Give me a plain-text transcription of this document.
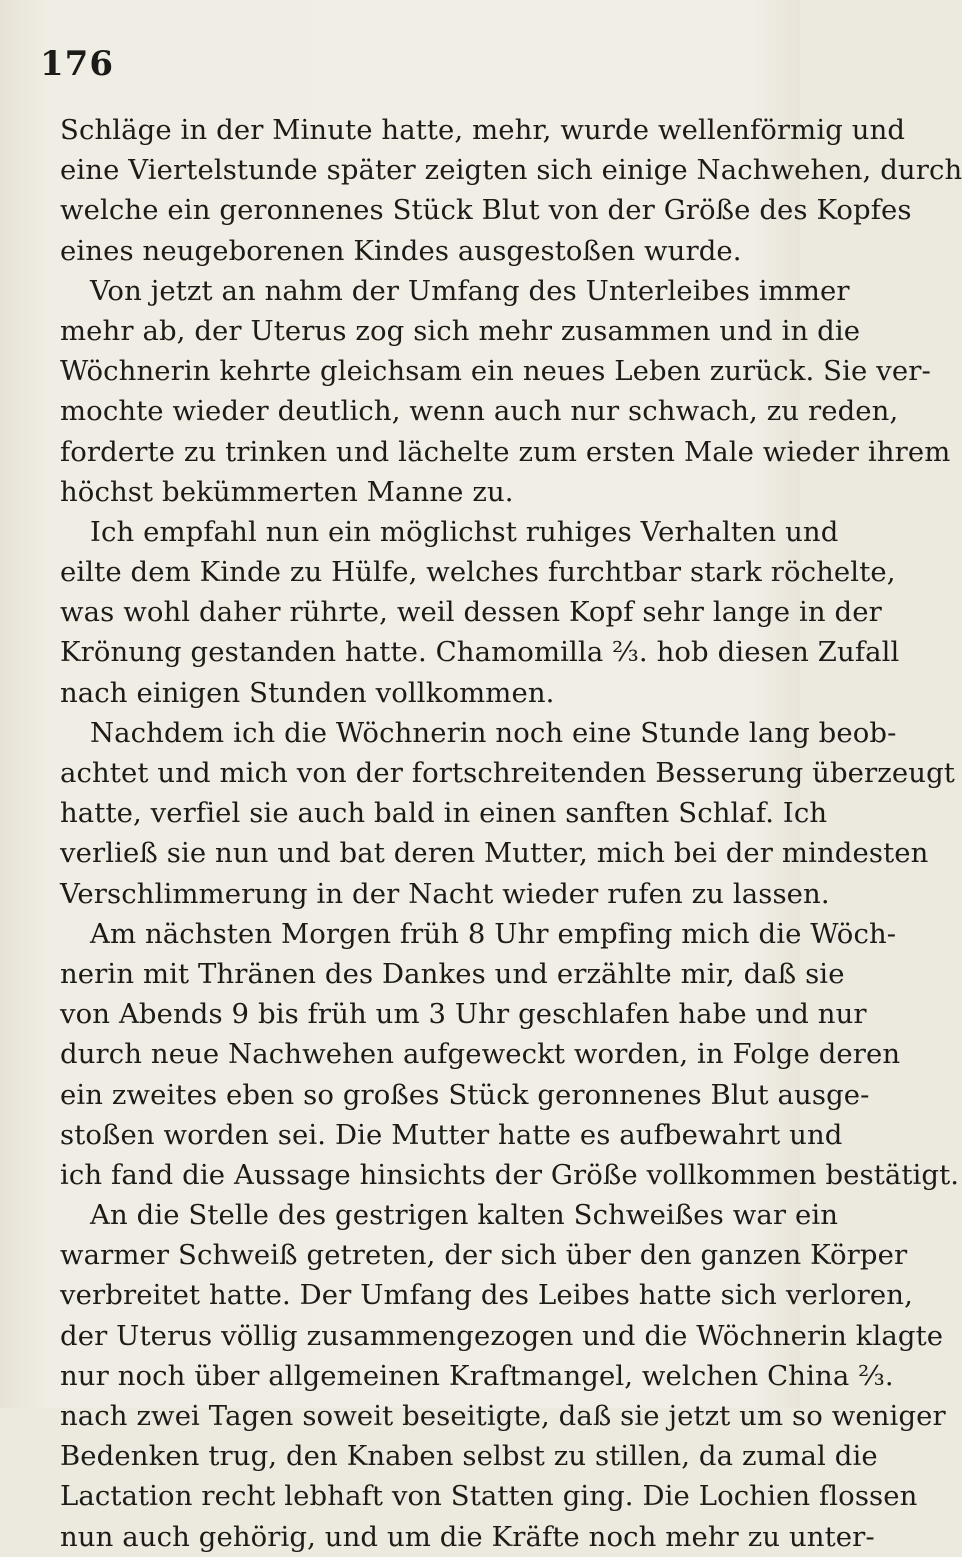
176
Schläge in der Minute hatte, mehr, wurde wellenförmig und
eine Viertelstunde später zeigten sich einige Nachwehen, durch
welche ein geronnenes Stück Blut von der Größe des Kopfes
eines neugeborenen Kindes ausgestoßen wurde.
Von jetzt an nahm der Umfang des Unterleibes immer
mehr ab, der Uterus zog sich mehr zusammen und in die
Wöchnerin kehrte gleichsam ein neues Leben zurück. Sie ver-
mochte wieder deutlich, wenn auch nur schwach, zu reden,
forderte zu trinken und lächelte zum ersten Male wieder ihrem
höchst bekümmerten Manne zu.
Ich empfahl nun ein möglichst ruhiges Verhalten und
eilte dem Kinde zu Hülfe, welches furchtbar stark röchelte,
was wohl daher rührte, weil dessen Kopf sehr lange in der
Krönung gestanden hatte. Chamomilla ⅔. hob diesen Zufall
nach einigen Stunden vollkommen.
Nachdem ich die Wöchnerin noch eine Stunde lang beob-
achtet und mich von der fortschreitenden Besserung überzeugt
hatte, verfiel sie auch bald in einen sanften Schlaf. Ich
verließ sie nun und bat deren Mutter, mich bei der mindesten
Verschlimmerung in der Nacht wieder rufen zu lassen.
Am nächsten Morgen früh 8 Uhr empfing mich die Wöch-
nerin mit Thränen des Dankes und erzählte mir, daß sie
von Abends 9 bis früh um 3 Uhr geschlafen habe und nur
durch neue Nachwehen aufgeweckt worden, in Folge deren
ein zweites eben so großes Stück geronnenes Blut ausge-
stoßen worden sei. Die Mutter hatte es aufbewahrt und
ich fand die Aussage hinsichts der Größe vollkommen bestätigt.
An die Stelle des gestrigen kalten Schweißes war ein
warmer Schweiß getreten, der sich über den ganzen Körper
verbreitet hatte. Der Umfang des Leibes hatte sich verloren,
der Uterus völlig zusammengezogen und die Wöchnerin klagte
nur noch über allgemeinen Kraftmangel, welchen China ⅔.
nach zwei Tagen soweit beseitigte, daß sie jetzt um so weniger
Bedenken trug, den Knaben selbst zu stillen, da zumal die
Lactation recht lebhaft von Statten ging. Die Lochien flossen
nun auch gehörig, und um die Kräfte noch mehr zu unter-
